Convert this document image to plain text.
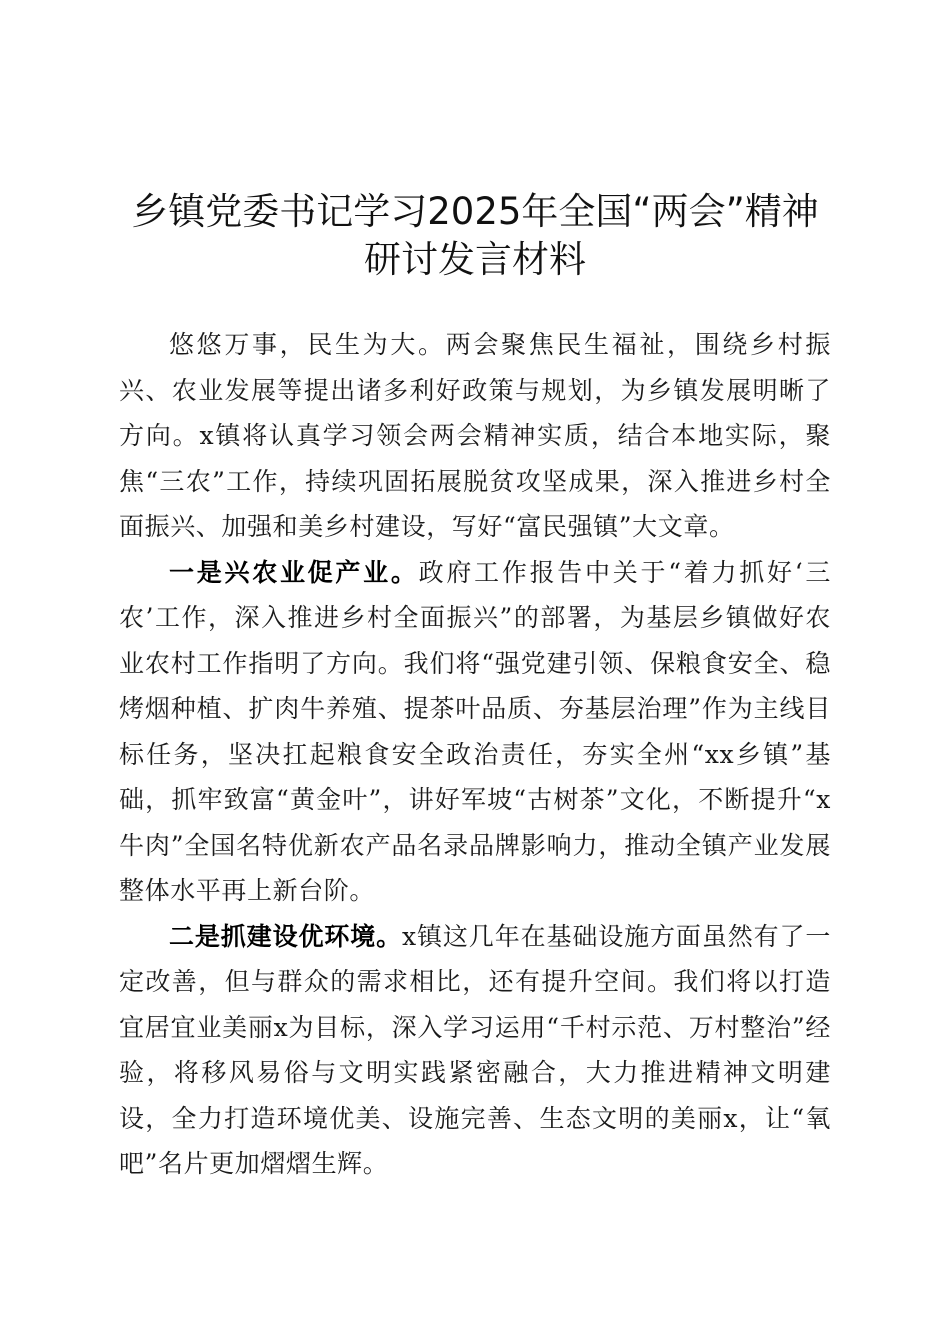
乡镇党委书记学习2025年全国“两会”精神
研讨发言材料

悠悠万事，民生为大。两会聚焦民生福祉，围绕乡村振兴、农业发展等提出诸多利好政策与规划，为乡镇发展明晰了方向。x镇将认真学习领会两会精神实质，结合本地实际，聚焦“三农”工作，持续巩固拓展脱贫攻坚成果，深入推进乡村全面振兴、加强和美乡村建设，写好“富民强镇”大文章。

一是兴农业促产业。政府工作报告中关于“着力抓好‘三农’工作，深入推进乡村全面振兴”的部署，为基层乡镇做好农业农村工作指明了方向。我们将“强党建引领、保粮食安全、稳烤烟种植、扩肉牛养殖、提茶叶品质、夯基层治理”作为主线目标任务，坚决扛起粮食安全政治责任，夯实全州“xx乡镇”基础，抓牢致富“黄金叶”，讲好军坡“古树茶”文化，不断提升“x牛肉”全国名特优新农产品名录品牌影响力，推动全镇产业发展整体水平再上新台阶。

二是抓建设优环境。x镇这几年在基础设施方面虽然有了一定改善，但与群众的需求相比，还有提升空间。我们将以打造宜居宜业美丽x为目标，深入学习运用“千村示范、万村整治”经验，将移风易俗与文明实践紧密融合，大力推进精神文明建设，全力打造环境优美、设施完善、生态文明的美丽x，让“氧吧”名片更加熠熠生辉。
